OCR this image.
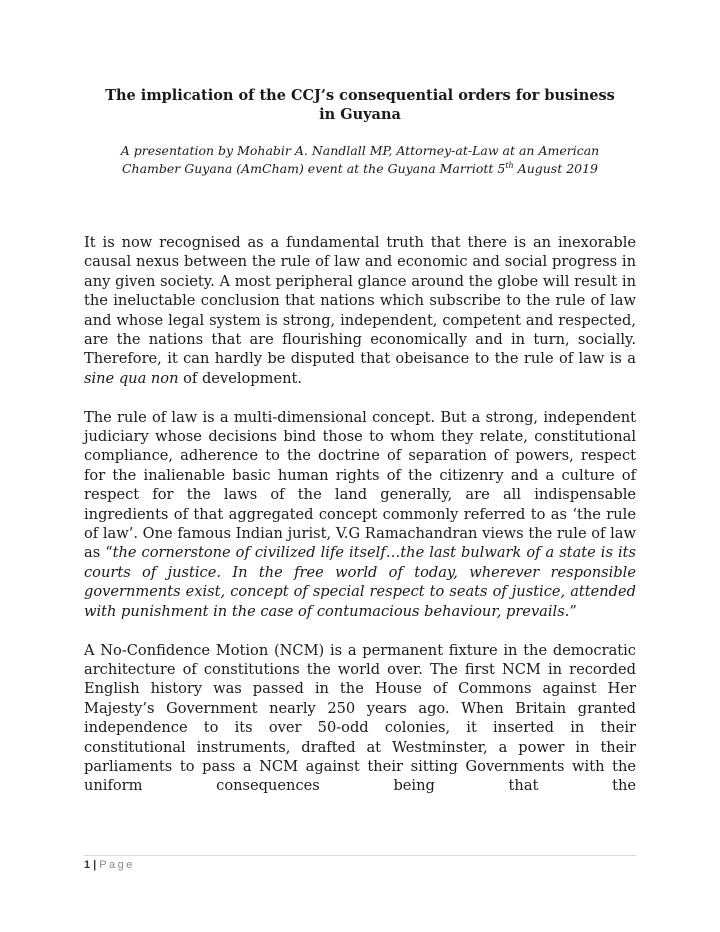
The implication of the CCJ’s consequential orders for business
in Guyana
A presentation by Mohabir A. Nandlall MP, Attorney-at-Law at an American
Chamber Guyana (AmCham) event at the Guyana Marriott 5th August 2019

It is now recognised as a fundamental truth that there is an inexorable causal nexus between the rule of law and economic and social progress in any given society. A most peripheral glance around the globe will result in the ineluctable conclusion that nations which subscribe to the rule of law and whose legal system is strong, independent, competent and respected, are the nations that are flourishing economically and in turn, socially. Therefore, it can hardly be disputed that obeisance to the rule of law is a sine qua non of development.

The rule of law is a multi-dimensional concept. But a strong, independent judiciary whose decisions bind those to whom they relate, constitutional compliance, adherence to the doctrine of separation of powers, respect for the inalienable basic human rights of the citizenry and a culture of respect for the laws of the land generally, are all indispensable ingredients of that aggregated concept commonly referred to as ‘the rule of law’. One famous Indian jurist, V.G Ramachandran views the rule of law as “the cornerstone of civilized life itself…the last bulwark of a state is its courts of justice. In the free world of today, wherever responsible governments exist, concept of special respect to seats of justice, attended with punishment in the case of contumacious behaviour, prevails.”

A No-Confidence Motion (NCM) is a permanent fixture in the democratic architecture of constitutions the world over. The first NCM in recorded English history was passed in the House of Commons against Her Majesty’s Government nearly 250 years ago. When Britain granted independence to its over 50-odd colonies, it inserted in their constitutional instruments, drafted at Westminster, a power in their parliaments to pass a NCM against their sitting Governments with the uniform consequences being that the

1 | Page
